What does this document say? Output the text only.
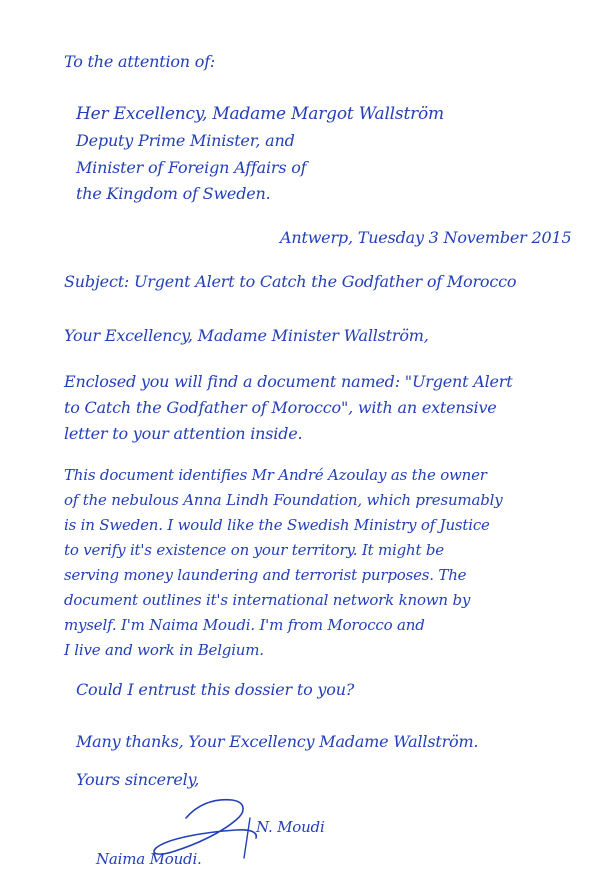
To the attention of:
Her Excellency, Madame Margot Wallström
Deputy Prime Minister, and
Minister of Foreign Affairs of
the Kingdom of Sweden.
Antwerp, Tuesday 3 November 2015
Subject: Urgent Alert to Catch the Godfather of Morocco
Your Excellency, Madame Minister Wallström,
Enclosed you will find a document named: "Urgent Alert
to Catch the Godfather of Morocco", with an extensive
letter to your attention inside.
This document identifies Mr André Azoulay as the owner
of the nebulous Anna Lindh Foundation, which presumably
is in Sweden. I would like the Swedish Ministry of Justice
to verify it's existence on your territory. It might be
serving money laundering and terrorist purposes. The
document outlines it's international network known by
myself. I'm Naima Moudi. I'm from Morocco and
I live and work in Belgium.
Could I entrust this dossier to you?
Many thanks, Your Excellency Madame Wallström.
Yours sincerely,
N. Moudi
Naima Moudi.
